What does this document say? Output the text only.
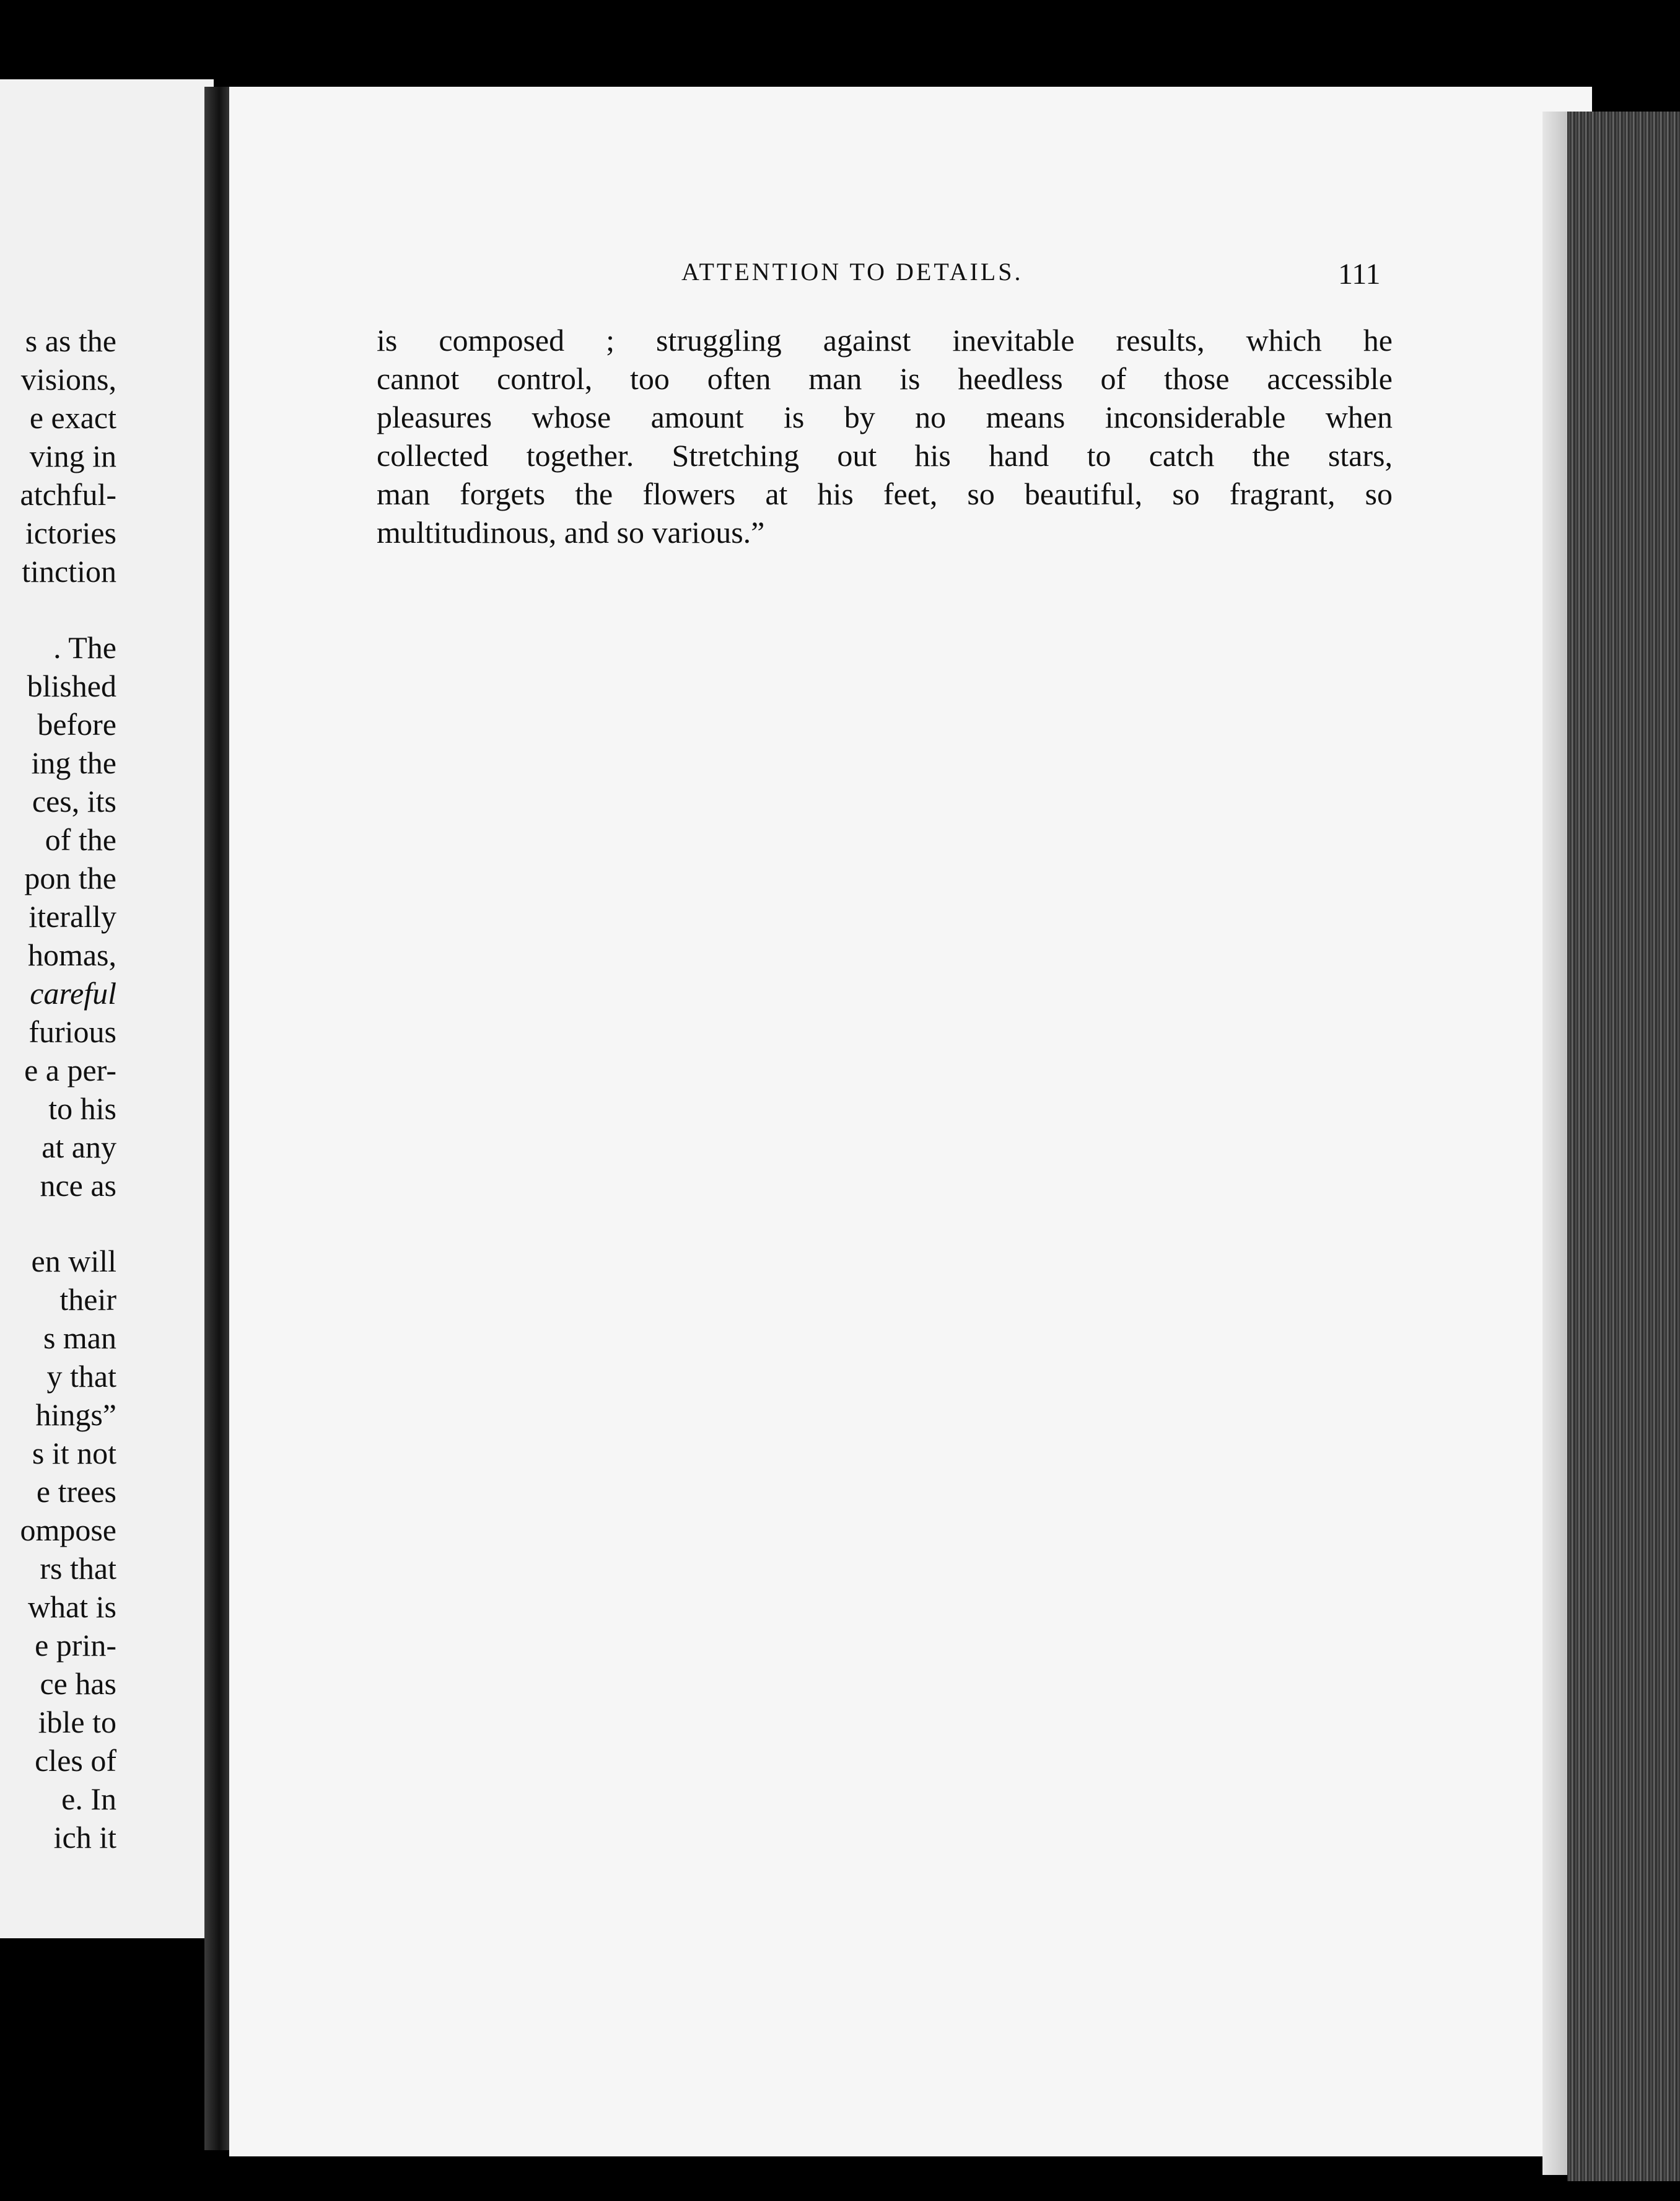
s as the
visions,
e exact
ving in
atchful-
ictories
tinction
. The
blished
before
ing the
ces, its
of the
pon the
iterally
homas,
careful
furious
e a per-
to his
at any
nce as
en will
their
s man
y that
hings”
s it not
e trees
ompose
rs that
what is
e prin-
ce has
ible to
cles of
e. In
ich it
ATTENTION TO DETAILS.	111

is composed ; struggling against inevitable results, which he
cannot control, too often man is heedless of those accessible
pleasures whose amount is by no means inconsiderable when
collected together. Stretching out his hand to catch the stars,
man forgets the flowers at his feet, so beautiful, so fragrant, so
multitudinous, and so various.”
